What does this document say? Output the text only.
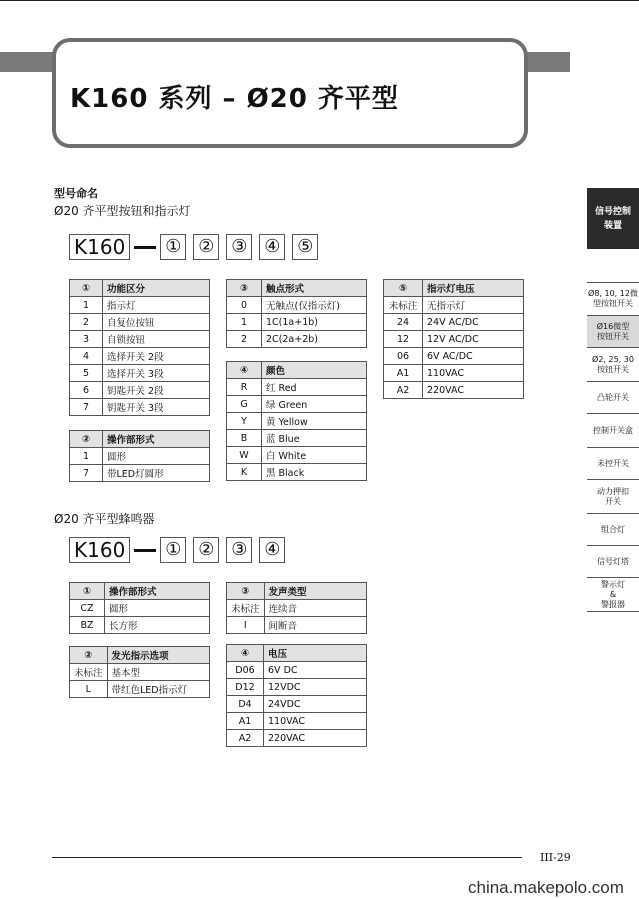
K160 系列 – Ø20 齐平型
型号命名
Ø20 齐平型按钮和指示灯
K160 ① ② ③ ④ ⑤
①	功能区分
1	指示灯
2	自复位按钮
3	自锁按钮
4	选择开关 2段
5	选择开关 3段
6	钥匙开关 2段
7	钥匙开关 3段
②	操作部形式
1	圆形
7	带LED灯圆形
③	触点形式
0	无触点(仅指示灯)
1	1C(1a+1b)
2	2C(2a+2b)
④	颜色
R	红 Red
G	绿 Green
Y	黄 Yellow
B	蓝 Blue
W	白 White
K	黑 Black
⑤	指示灯电压
未标注	无指示灯
24	24V AC/DC
12	12V AC/DC
06	6V AC/DC
A1	110VAC
A2	220VAC
Ø20 齐平型蜂鸣器
K160 ① ② ③ ④
①	操作部形式
CZ	圆形
BZ	长方形
②	发光指示选项
未标注	基本型
L	带红色LED指示灯
③	发声类型
未标注	连续音
I	间断音
④	电压
D06	6V DC
D12	12VDC
D4	24VDC
A1	110VAC
A2	220VAC
信号控制
装置
Ø8, 10, 12微
型按钮开关
Ø16微型
按钮开关
Ø2, 25, 30
按钮开关
凸轮开关
控制开关盒
未控开关
动力押扣
开关
组合灯
信号灯塔
警示灯
&
警报器
III-29
china.makepolo.com
